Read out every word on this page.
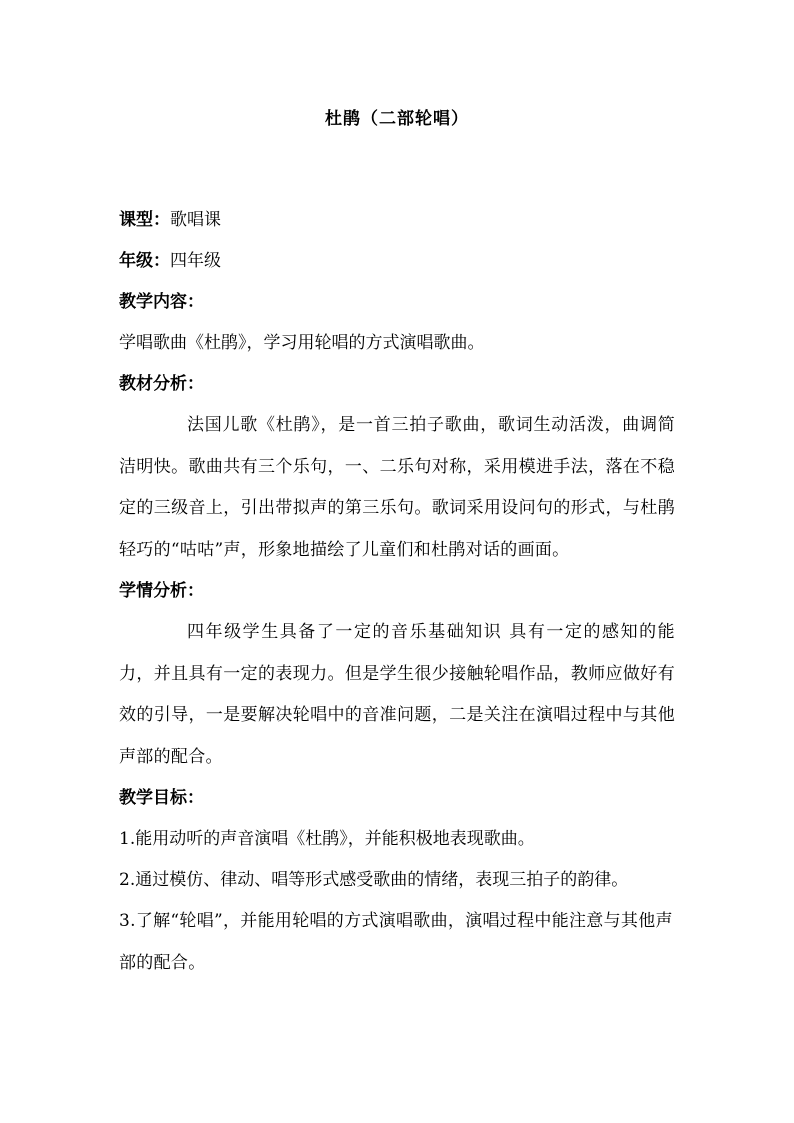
杜鹃（二部轮唱）
课型：歌唱课
年级：四年级
教学内容：
学唱歌曲《杜鹃》，学习用轮唱的方式演唱歌曲。
教材分析：
法国儿歌《杜鹃》，是一首三拍子歌曲，歌词生动活泼，曲调简洁明快。歌曲共有三个乐句，一、二乐句对称，采用模进手法，落在不稳定的三级音上，引出带拟声的第三乐句。歌词采用设问句的形式，与杜鹃轻巧的“咕咕”声，形象地描绘了儿童们和杜鹃对话的画面。
学情分析：
四年级学生具备了一定的音乐基础知识 具有一定的感知的能力，并且具有一定的表现力。但是学生很少接触轮唱作品，教师应做好有效的引导，一是要解决轮唱中的音准问题，二是关注在演唱过程中与其他声部的配合。
教学目标：
1.能用动听的声音演唱《杜鹃》，并能积极地表现歌曲。
2.通过模仿、律动、唱等形式感受歌曲的情绪，表现三拍子的韵律。
3.了解“轮唱”，并能用轮唱的方式演唱歌曲，演唱过程中能注意与其他声部的配合。
